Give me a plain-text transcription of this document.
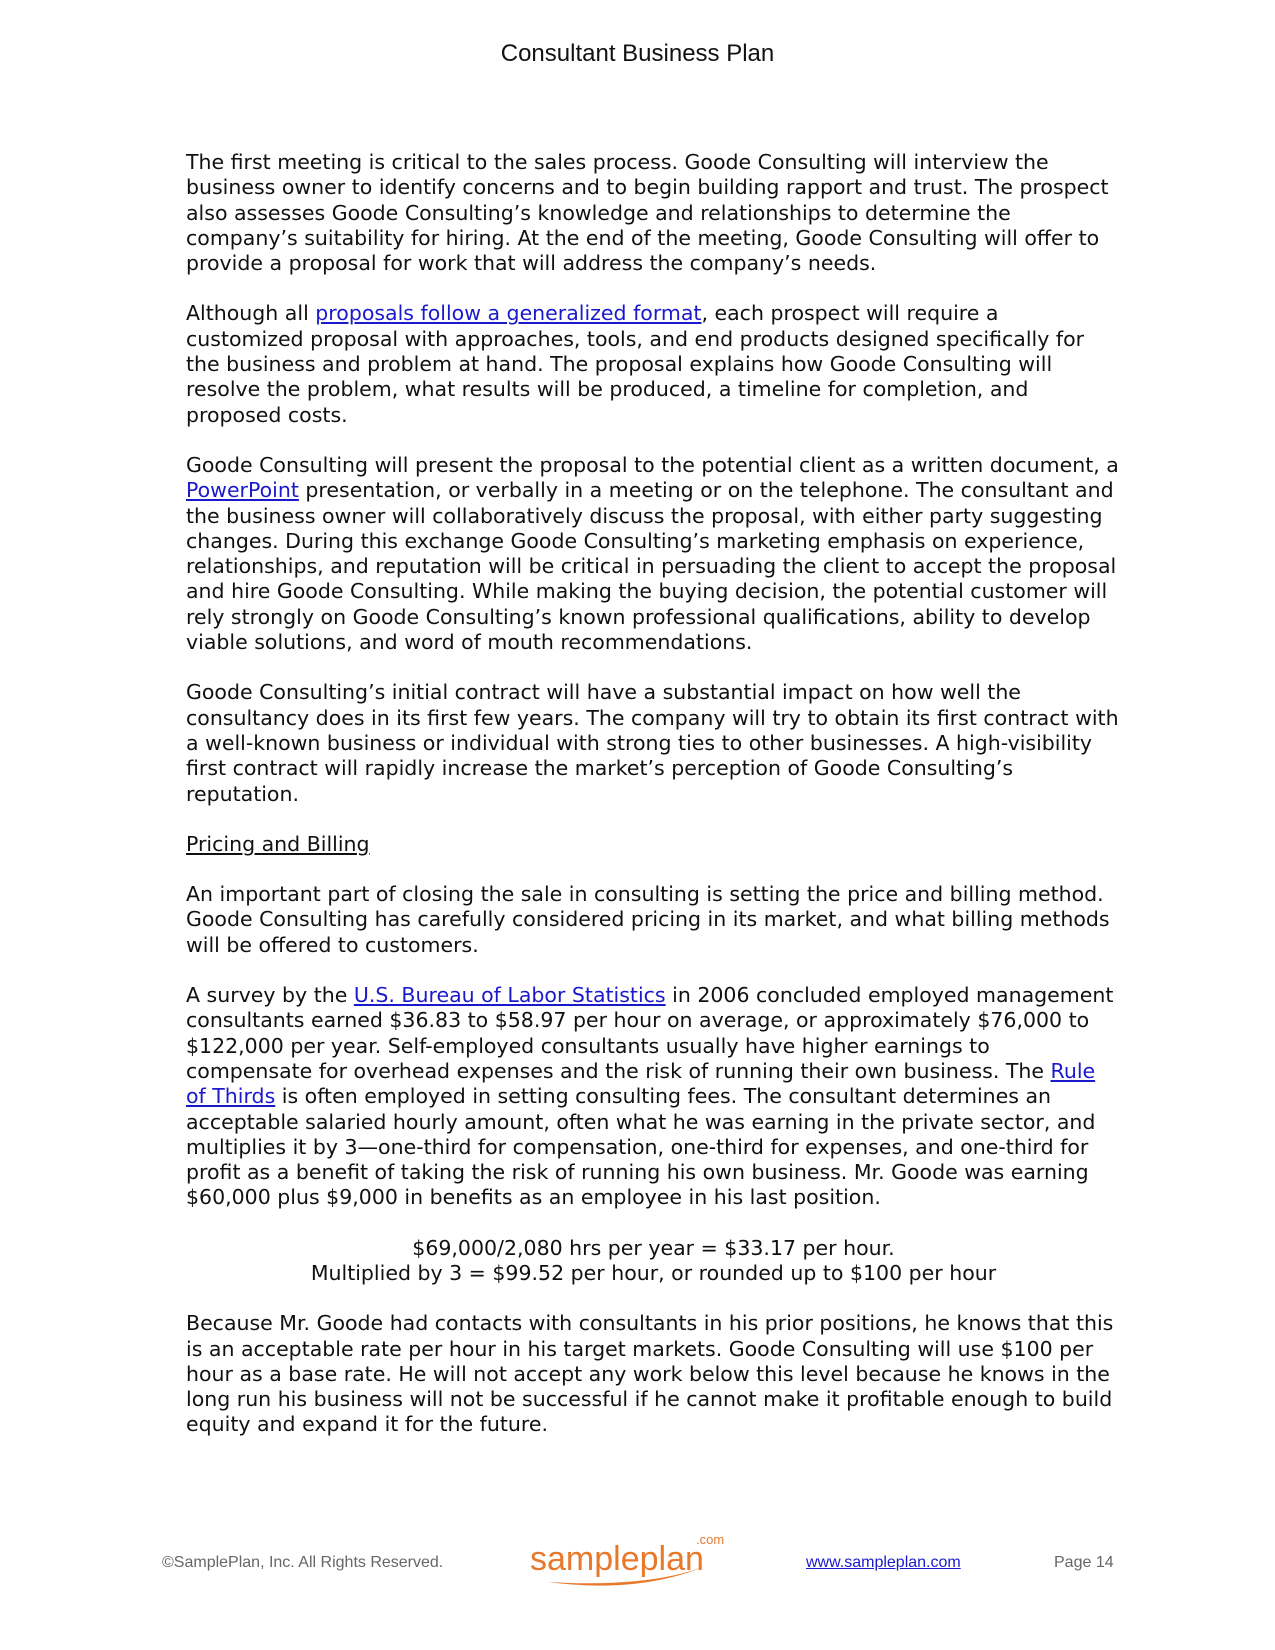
Consultant Business Plan

The first meeting is critical to the sales process. Goode Consulting will interview the business owner to identify concerns and to begin building rapport and trust. The prospect also assesses Goode Consulting’s knowledge and relationships to determine the company’s suitability for hiring. At the end of the meeting, Goode Consulting will offer to provide a proposal for work that will address the company’s needs.

Although all proposals follow a generalized format, each prospect will require a customized proposal with approaches, tools, and end products designed specifically for the business and problem at hand. The proposal explains how Goode Consulting will resolve the problem, what results will be produced, a timeline for completion, and proposed costs.

Goode Consulting will present the proposal to the potential client as a written document, a PowerPoint presentation, or verbally in a meeting or on the telephone. The consultant and the business owner will collaboratively discuss the proposal, with either party suggesting changes. During this exchange Goode Consulting’s marketing emphasis on experience, relationships, and reputation will be critical in persuading the client to accept the proposal and hire Goode Consulting. While making the buying decision, the potential customer will rely strongly on Goode Consulting’s known professional qualifications, ability to develop viable solutions, and word of mouth recommendations.

Goode Consulting’s initial contract will have a substantial impact on how well the consultancy does in its first few years. The company will try to obtain its first contract with a well-known business or individual with strong ties to other businesses. A high-visibility first contract will rapidly increase the market’s perception of Goode Consulting’s reputation.

Pricing and Billing

An important part of closing the sale in consulting is setting the price and billing method. Goode Consulting has carefully considered pricing in its market, and what billing methods will be offered to customers.

A survey by the U.S. Bureau of Labor Statistics in 2006 concluded employed management consultants earned $36.83 to $58.97 per hour on average, or approximately $76,000 to $122,000 per year. Self-employed consultants usually have higher earnings to compensate for overhead expenses and the risk of running their own business. The Rule of Thirds is often employed in setting consulting fees. The consultant determines an acceptable salaried hourly amount, often what he was earning in the private sector, and multiplies it by 3—one-third for compensation, one-third for expenses, and one-third for profit as a benefit of taking the risk of running his own business. Mr. Goode was earning $60,000 plus $9,000 in benefits as an employee in his last position.

$69,000/2,080 hrs per year = $33.17 per hour.
Multiplied by 3 = $99.52 per hour, or rounded up to $100 per hour

Because Mr. Goode had contacts with consultants in his prior positions, he knows that this is an acceptable rate per hour in his target markets. Goode Consulting will use $100 per hour as a base rate. He will not accept any work below this level because he knows in the long run his business will not be successful if he cannot make it profitable enough to build equity and expand it for the future.

©SamplePlan, Inc. All Rights Reserved.
.com
sampleplan	www.sampleplan.com	Page 14
